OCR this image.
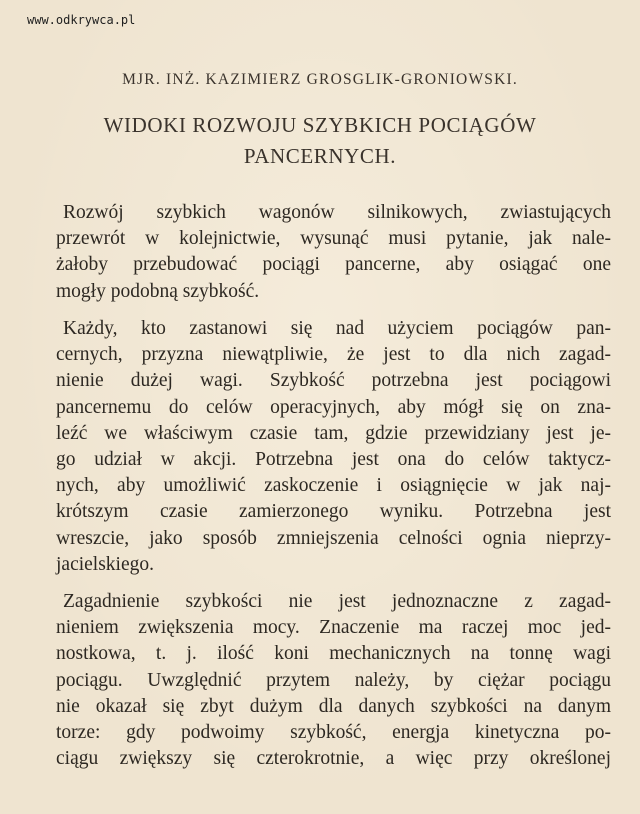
www.odkrywca.pl
MJR. INŻ. KAZIMIERZ GROSGLIK-GRONIOWSKI.
WIDOKI ROZWOJU SZYBKICH POCIĄGÓW
PANCERNYCH.
Rozwój szybkich wagonów silnikowych, zwiastujących
przewrót w kolejnictwie, wysunąć musi pytanie, jak nale-
żałoby przebudować pociągi pancerne, aby osiągać one
mogły podobną szybkość.
Każdy, kto zastanowi się nad użyciem pociągów pan-
cernych, przyzna niewątpliwie, że jest to dla nich zagad-
nienie dużej wagi. Szybkość potrzebna jest pociągowi
pancernemu do celów operacyjnych, aby mógł się on zna-
leźć we właściwym czasie tam, gdzie przewidziany jest je-
go udział w akcji. Potrzebna jest ona do celów taktycz-
nych, aby umożliwić zaskoczenie i osiągnięcie w jak naj-
krótszym czasie zamierzonego wyniku. Potrzebna jest
wreszcie, jako sposób zmniejszenia celności ognia nieprzy-
jacielskiego.
Zagadnienie szybkości nie jest jednoznaczne z zagad-
nieniem zwiększenia mocy. Znaczenie ma raczej moc jed-
nostkowa, t. j. ilość koni mechanicznych na tonnę wagi
pociągu. Uwzględnić przytem należy, by ciężar pociągu
nie okazał się zbyt dużym dla danych szybkości na danym
torze: gdy podwoimy szybkość, energja kinetyczna po-
ciągu zwiększy się czterokrotnie, a więc przy określonej
